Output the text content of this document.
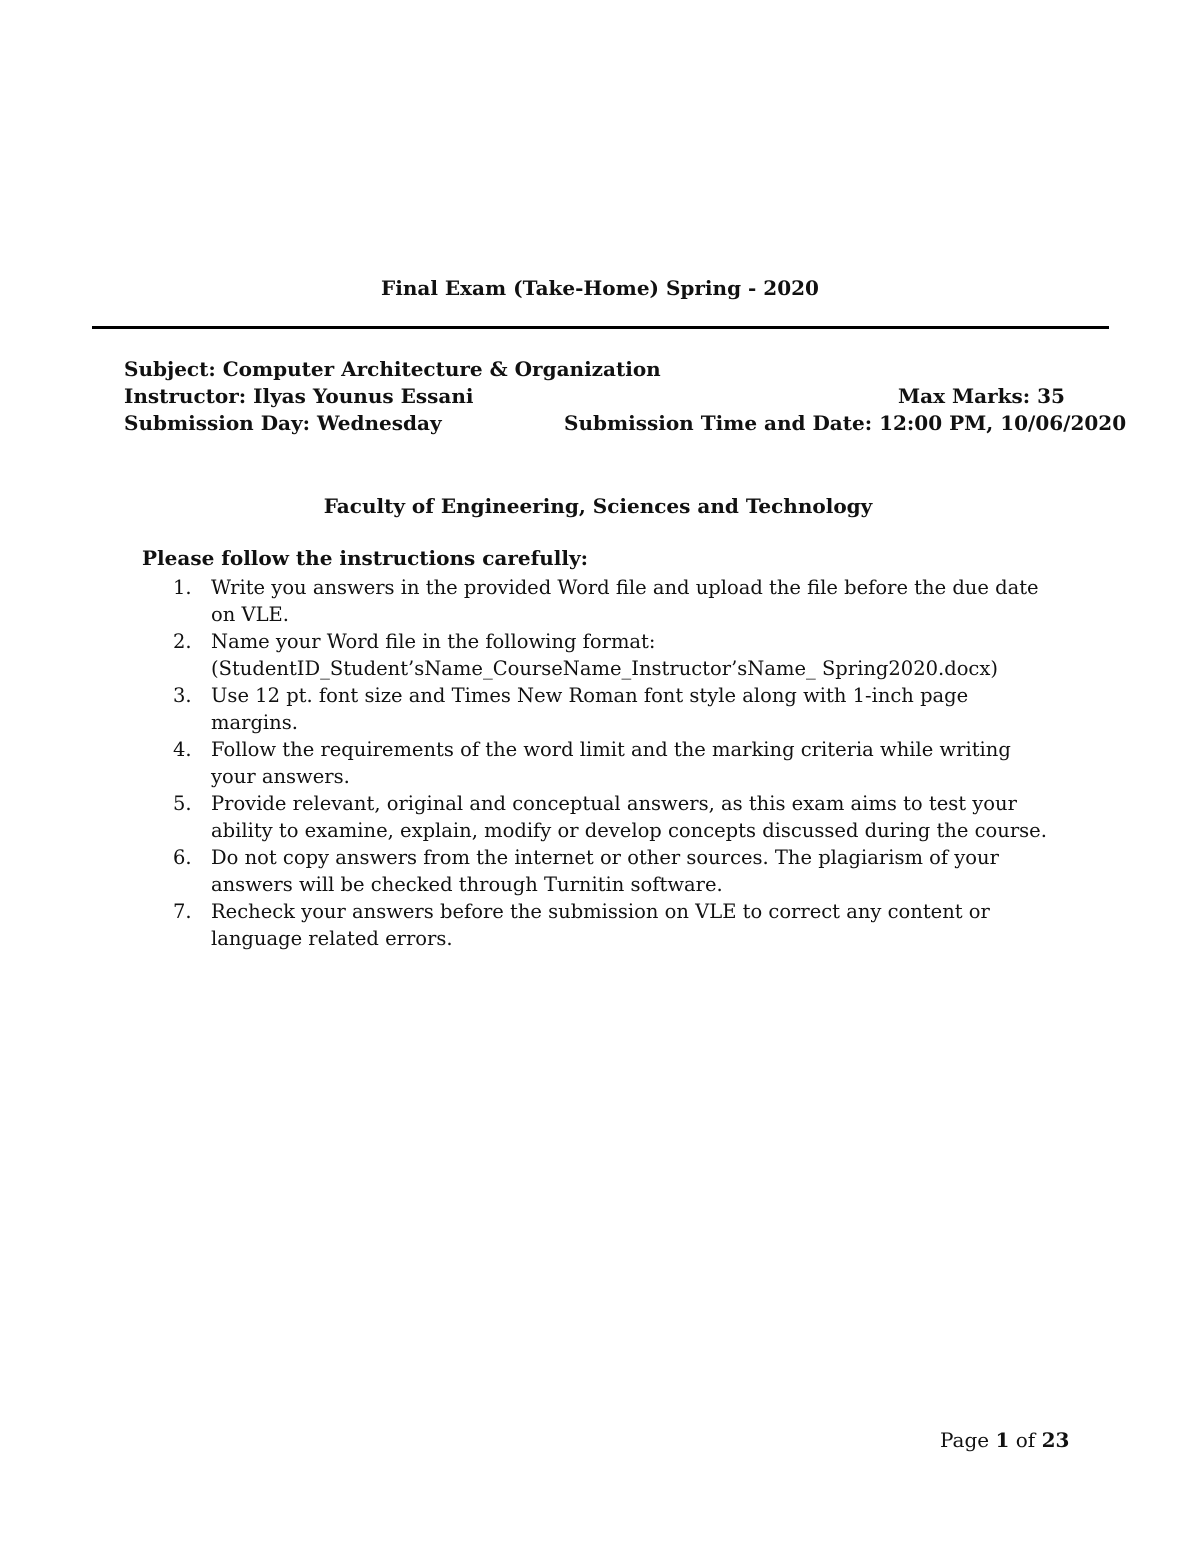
Final Exam (Take-Home) Spring - 2020
Subject: Computer Architecture & Organization
Instructor: Ilyas Younus Essani	Max Marks: 35
Submission Day: Wednesday	Submission Time and Date: 12:00 PM, 10/06/2020
Faculty of Engineering, Sciences and Technology
Please follow the instructions carefully:
1. Write you answers in the provided Word file and upload the file before the due date on VLE.
2. Name your Word file in the following format: (StudentID_Student’sName_CourseName_Instructor’sName_ Spring2020.docx)
3. Use 12 pt. font size and Times New Roman font style along with 1-inch page margins.
4. Follow the requirements of the word limit and the marking criteria while writing your answers.
5. Provide relevant, original and conceptual answers, as this exam aims to test your ability to examine, explain, modify or develop concepts discussed during the course.
6. Do not copy answers from the internet or other sources. The plagiarism of your answers will be checked through Turnitin software.
7. Recheck your answers before the submission on VLE to correct any content or language related errors.
Page 1 of 23
